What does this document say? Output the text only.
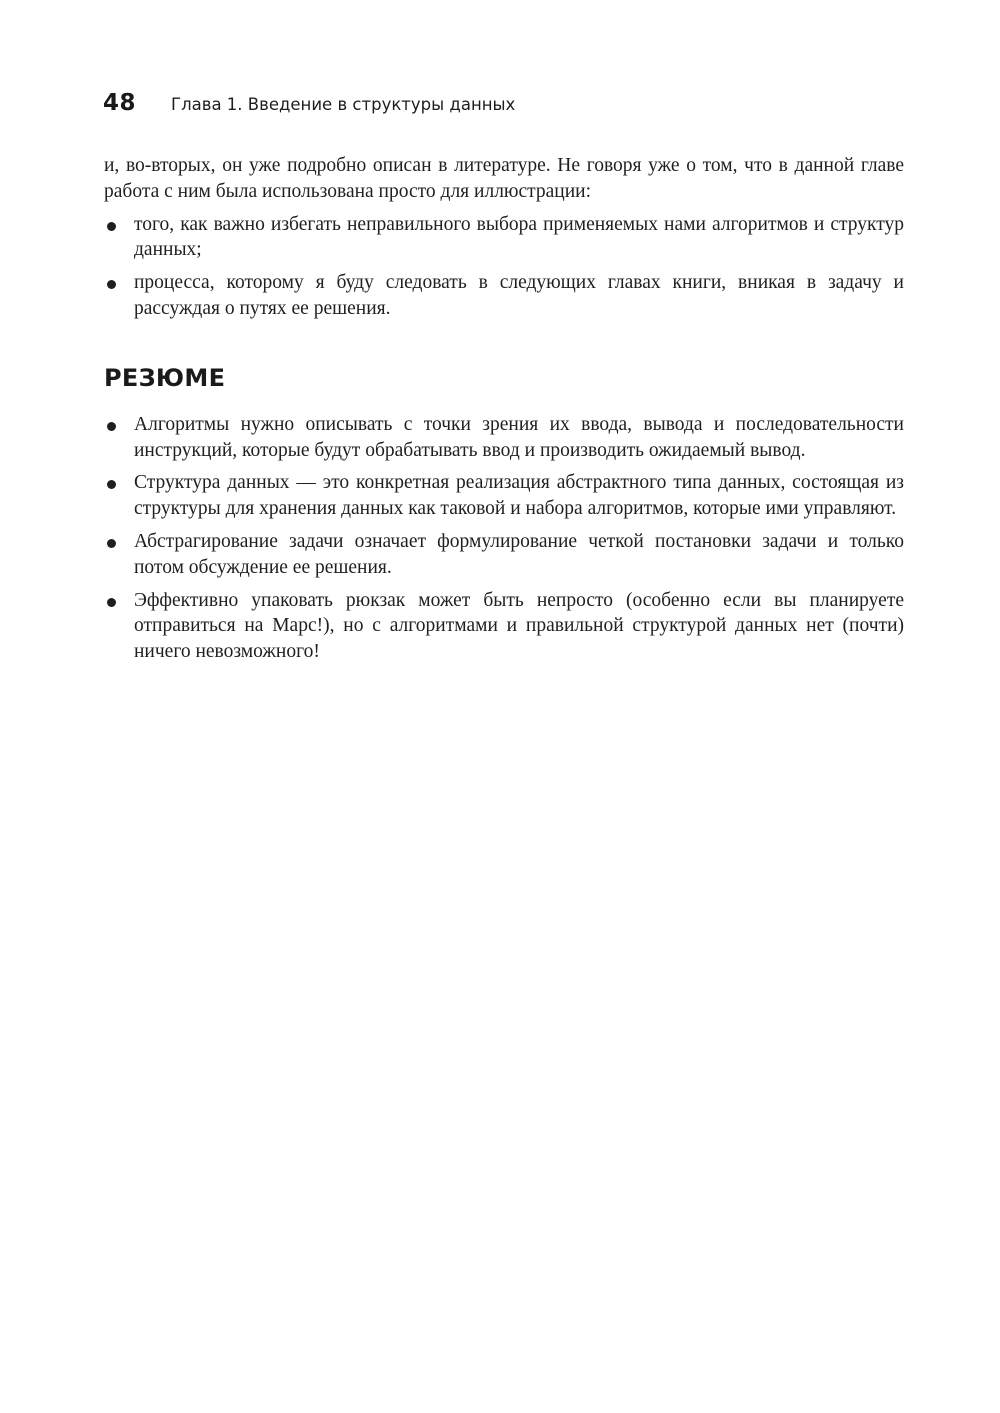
48 Глава 1. Введение в структуры данных

и, во-вторых, он уже подробно описан в литературе. Не говоря уже о том, что в данной главе работа с ним была использована просто для иллюстрации:

того, как важно избегать неправильного выбора применяемых нами алгоритмов и структур данных;
процесса, которому я буду следовать в следующих главах книги, вникая в задачу и рассуждая о путях ее решения.
РЕЗЮМЕ
Алгоритмы нужно описывать с точки зрения их ввода, вывода и последовательности инструкций, которые будут обрабатывать ввод и производить ожидаемый вывод.
Структура данных — это конкретная реализация абстрактного типа данных, состоящая из структуры для хранения данных как таковой и набора алгоритмов, которые ими управляют.
Абстрагирование задачи означает формулирование четкой постановки задачи и только потом обсуждение ее решения.
Эффективно упаковать рюкзак может быть непросто (особенно если вы планируете отправиться на Марс!), но с алгоритмами и правильной структурой данных нет (почти) ничего невозможного!
